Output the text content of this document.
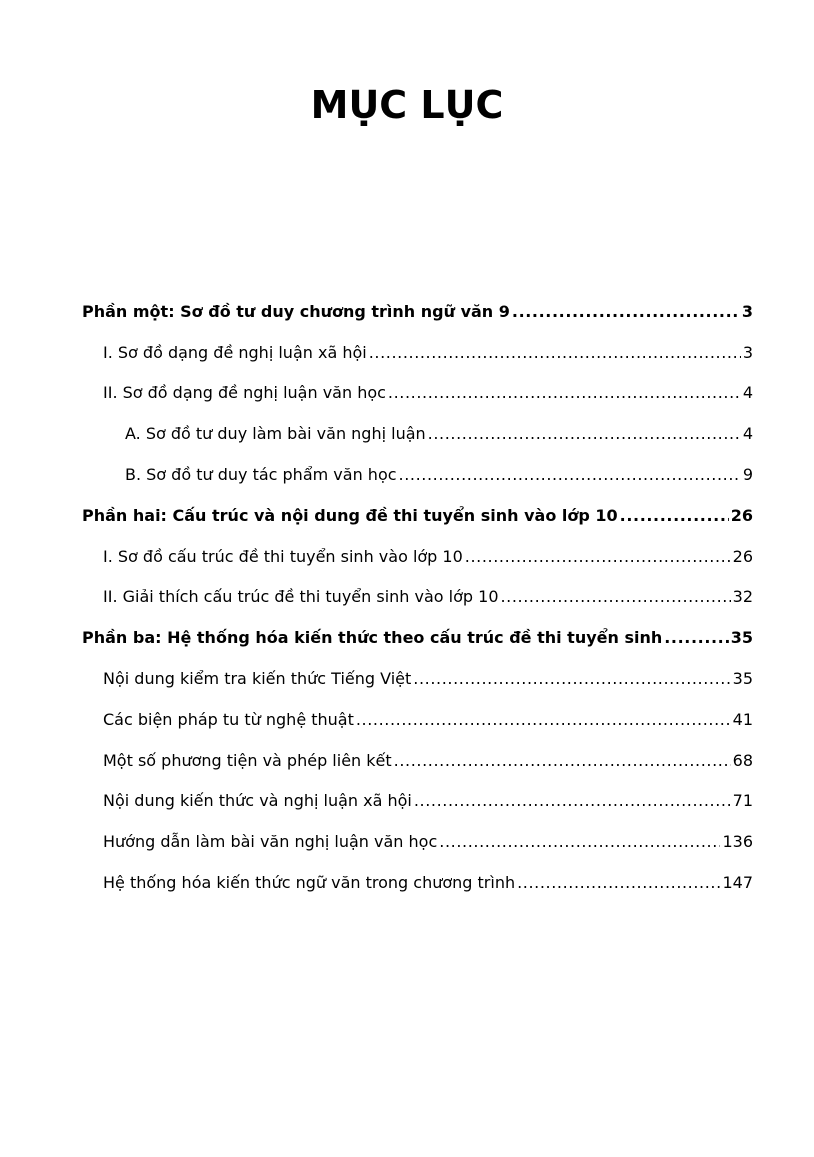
MỤC LỤC
Phần một: Sơ đồ tư duy chương trình ngữ văn 9 .....	3
I. Sơ đồ dạng đề nghị luận xã hội .....	3
II. Sơ đồ dạng đề nghị luận văn học .....	4
A. Sơ đồ tư duy làm bài văn nghị luận .....	4
B. Sơ đồ tư duy tác phẩm văn học .....	9
Phần hai: Cấu trúc và nội dung đề thi tuyển sinh vào lớp 10 .....	26
I. Sơ đồ cấu trúc đề thi tuyển sinh vào lớp 10 .....	26
II. Giải thích cấu trúc đề thi tuyển sinh vào lớp 10 .....	32
Phần ba: Hệ thống hóa kiến thức theo cấu trúc đề thi tuyển sinh .....	35
Nội dung kiểm tra kiến thức Tiếng Việt .....	35
Các biện pháp tu từ nghệ thuật .....	41
Một số phương tiện và phép liên kết .....	68
Nội dung kiến thức và nghị luận xã hội .....	71
Hướng dẫn làm bài văn nghị luận văn học .....	136
Hệ thống hóa kiến thức ngữ văn trong chương trình .....	147
